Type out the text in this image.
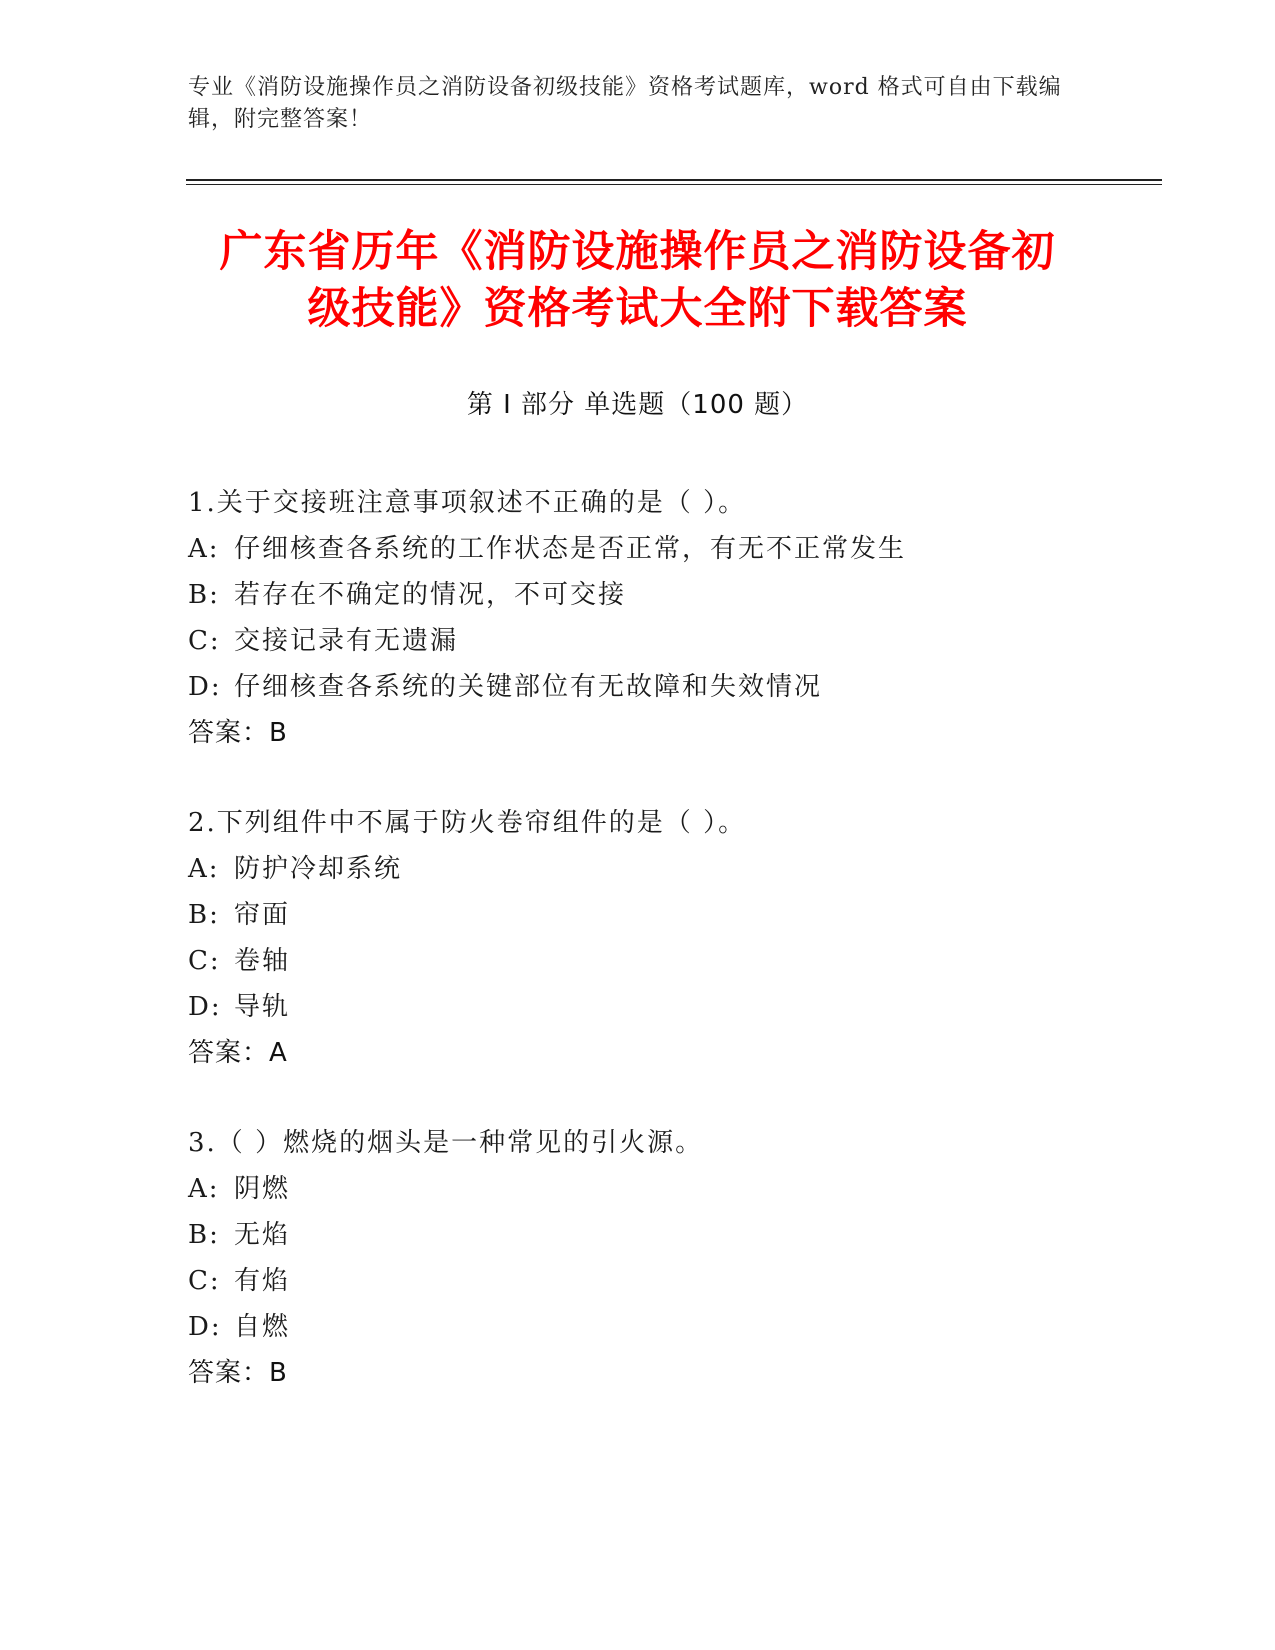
专业《消防设施操作员之消防设备初级技能》资格考试题库，word 格式可自由下载编辑，附完整答案！
广东省历年《消防设施操作员之消防设备初
级技能》资格考试大全附下载答案
第 I 部分 单选题（100 题）
1.关于交接班注意事项叙述不正确的是（ ）。
A: 仔细核查各系统的工作状态是否正常，有无不正常发生
B: 若存在不确定的情况，不可交接
C: 交接记录有无遗漏
D: 仔细核查各系统的关键部位有无故障和失效情况
答案：B
2.下列组件中不属于防火卷帘组件的是（ ）。
A: 防护冷却系统
B: 帘面
C: 卷轴
D: 导轨
答案：A
3.（ ）燃烧的烟头是一种常见的引火源。
A: 阴燃
B: 无焰
C: 有焰
D: 自燃
答案：B
